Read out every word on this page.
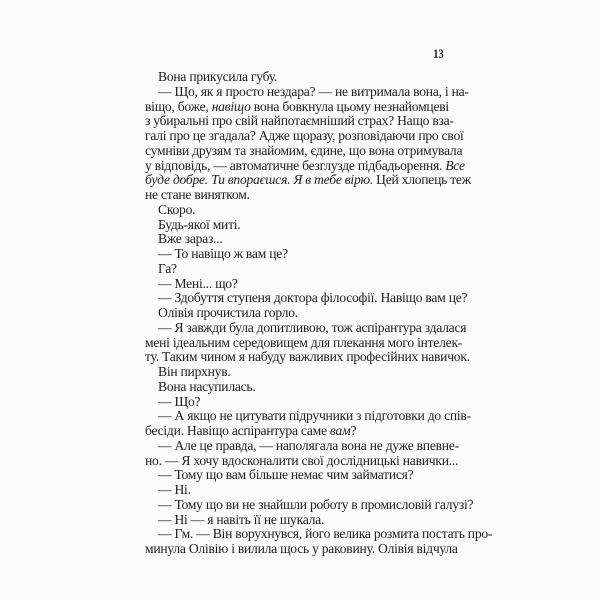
13
Вона прикусила губу.
— Що, як я просто нездара? — не витримала вона, і на-
віщо, боже, навіщо вона бовкнула цьому незнайомцеві
з убиральні про свій найпотаємніший страх? Нащо вза-
галі про це згадала? Адже щоразу, розповідаючи про свої
сумніви друзям та знайомим, єдине, що вона отримувала
у відповідь, — автоматичне безглузде підбадьорення. Все
буде добре. Ти впораєшся. Я в тебе вірю. Цей хлопець теж
не стане винятком.
Скоро.
Будь-якої миті.
Вже зараз...
— То навіщо ж вам це?
Га?
— Мені... що?
— Здобуття ступеня доктора філософії. Навіщо вам це?
Олівія прочистила горло.
— Я завжди була допитливою, тож аспірантура здалася
мені ідеальним середовищем для плекання мого інтелек-
ту. Таким чином я набуду важливих професійних навичок.
Він пирхнув.
Вона насупилась.
— Що?
— А якщо не цитувати підручники з підготовки до спів-
бесіди. Навіщо аспірантура саме вам?
— Але це правда, — наполягала вона не дуже впевне-
но. — Я хочу вдосконалити свої дослідницькі навички...
— Тому що вам більше немає чим займатися?
— Ні.
— Тому що ви не знайшли роботу в промисловій галузі?
— Ні — я навіть її не шукала.
— Гм. — Він ворухнувся, його велика розмита постать про-
минула Олівію і вилила щось у раковину. Олівія відчула
